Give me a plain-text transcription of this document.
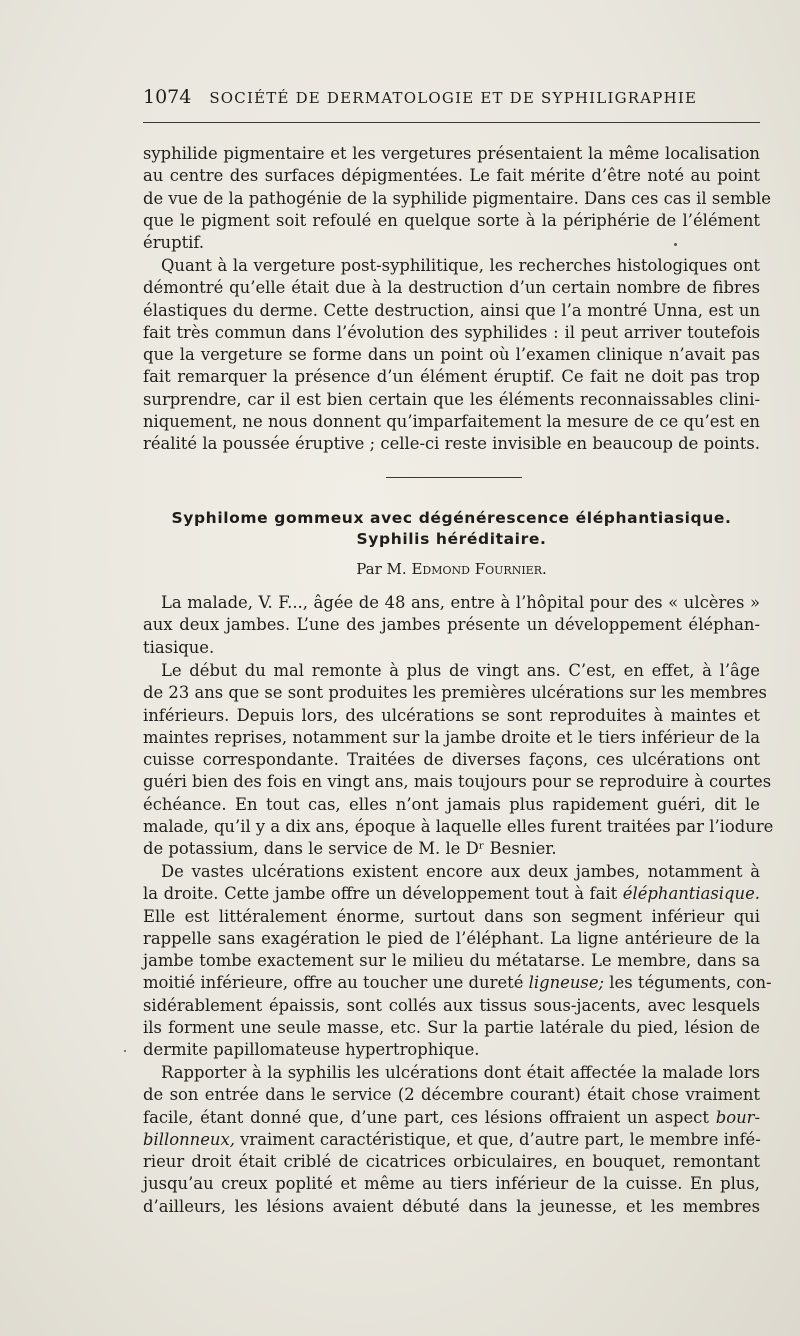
1074 SOCIÉTÉ DE DERMATOLOGIE ET DE SYPHILIGRAPHIE
syphilide pigmentaire et les vergetures présentaient la même localisation
au centre des surfaces dépigmentées. Le fait mérite d’être noté au point
de vue de la pathogénie de la syphilide pigmentaire. Dans ces cas il semble
que le pigment soit refoulé en quelque sorte à la périphérie de l’élément
éruptif.
Quant à la vergeture post-syphilitique, les recherches histologiques ont
démontré qu’elle était due à la destruction d’un certain nombre de fibres
élastiques du derme. Cette destruction, ainsi que l’a montré Unna, est un
fait très commun dans l’évolution des syphilides : il peut arriver toutefois
que la vergeture se forme dans un point où l’examen clinique n’avait pas
fait remarquer la présence d’un élément éruptif. Ce fait ne doit pas trop
surprendre, car il est bien certain que les éléments reconnaissables clini-
niquement, ne nous donnent qu’imparfaitement la mesure de ce qu’est en
réalité la poussée éruptive ; celle-ci reste invisible en beaucoup de points.
Syphilome gommeux avec dégénérescence éléphantiasique.
Syphilis héréditaire.
Par M. Edmond Fournier.
La malade, V. F..., âgée de 48 ans, entre à l’hôpital pour des « ulcères »
aux deux jambes. L’une des jambes présente un développement éléphan-
tiasique.
Le début du mal remonte à plus de vingt ans. C’est, en effet, à l’âge
de 23 ans que se sont produites les premières ulcérations sur les membres
inférieurs. Depuis lors, des ulcérations se sont reproduites à maintes et
maintes reprises, notamment sur la jambe droite et le tiers inférieur de la
cuisse correspondante. Traitées de diverses façons, ces ulcérations ont
guéri bien des fois en vingt ans, mais toujours pour se reproduire à courtes
échéance. En tout cas, elles n’ont jamais plus rapidement guéri, dit le
malade, qu’il y a dix ans, époque à laquelle elles furent traitées par l’iodure
de potassium, dans le service de M. le Dʳ Besnier.
De vastes ulcérations existent encore aux deux jambes, notamment à
la droite. Cette jambe offre un développement tout à fait éléphantiasique.
Elle est littéralement énorme, surtout dans son segment inférieur qui
rappelle sans exagération le pied de l’éléphant. La ligne antérieure de la
jambe tombe exactement sur le milieu du métatarse. Le membre, dans sa
moitié inférieure, offre au toucher une dureté ligneuse; les téguments, con-
sidérablement épaissis, sont collés aux tissus sous-jacents, avec lesquels
ils forment une seule masse, etc. Sur la partie latérale du pied, lésion de
dermite papillomateuse hypertrophique.
Rapporter à la syphilis les ulcérations dont était affectée la malade lors
de son entrée dans le service (2 décembre courant) était chose vraiment
facile, étant donné que, d’une part, ces lésions offraient un aspect bour-
billonneux, vraiment caractéristique, et que, d’autre part, le membre infé-
rieur droit était criblé de cicatrices orbiculaires, en bouquet, remontant
jusqu’au creux poplité et même au tiers inférieur de la cuisse. En plus,
d’ailleurs, les lésions avaient débuté dans la jeunesse, et les membres
